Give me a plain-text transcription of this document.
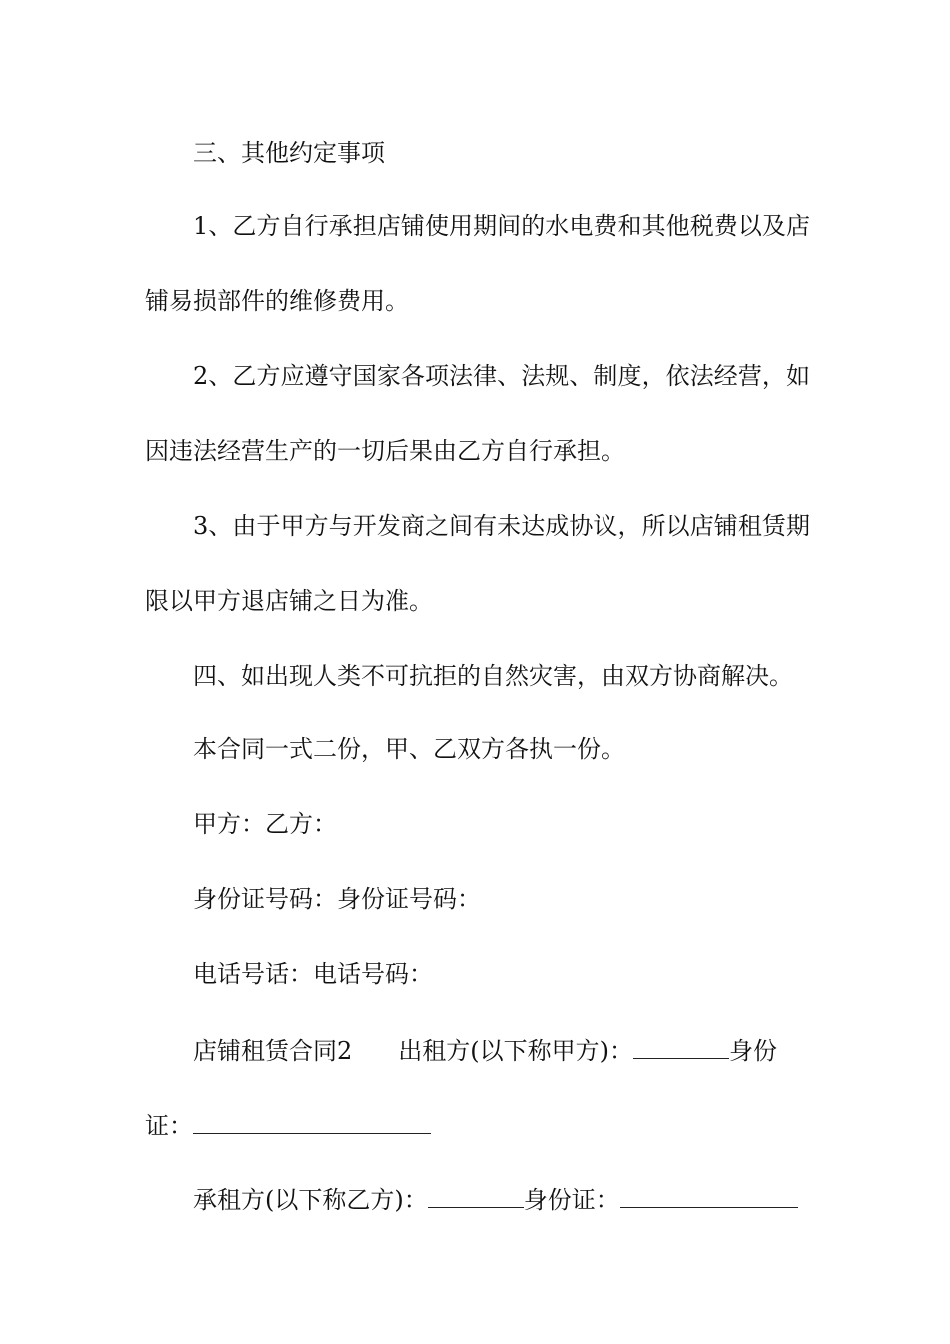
三、其他约定事项
1、乙方自行承担店铺使用期间的水电费和其他税费以及店
铺易损部件的维修费用。
2、乙方应遵守国家各项法律、法规、制度，依法经营，如
因违法经营生产的一切后果由乙方自行承担。
3、由于甲方与开发商之间有未达成协议，所以店铺租赁期
限以甲方退店铺之日为准。
四、如出现人类不可抗拒的自然灾害，由双方协商解决。
本合同一式二份，甲、乙双方各执一份。
甲方：乙方：
身份证号码：身份证号码：
电话号话：电话号码：
店铺租赁合同2 出租方(以下称甲方)：	身份
证：
承租方(以下称乙方)：	身份证：
